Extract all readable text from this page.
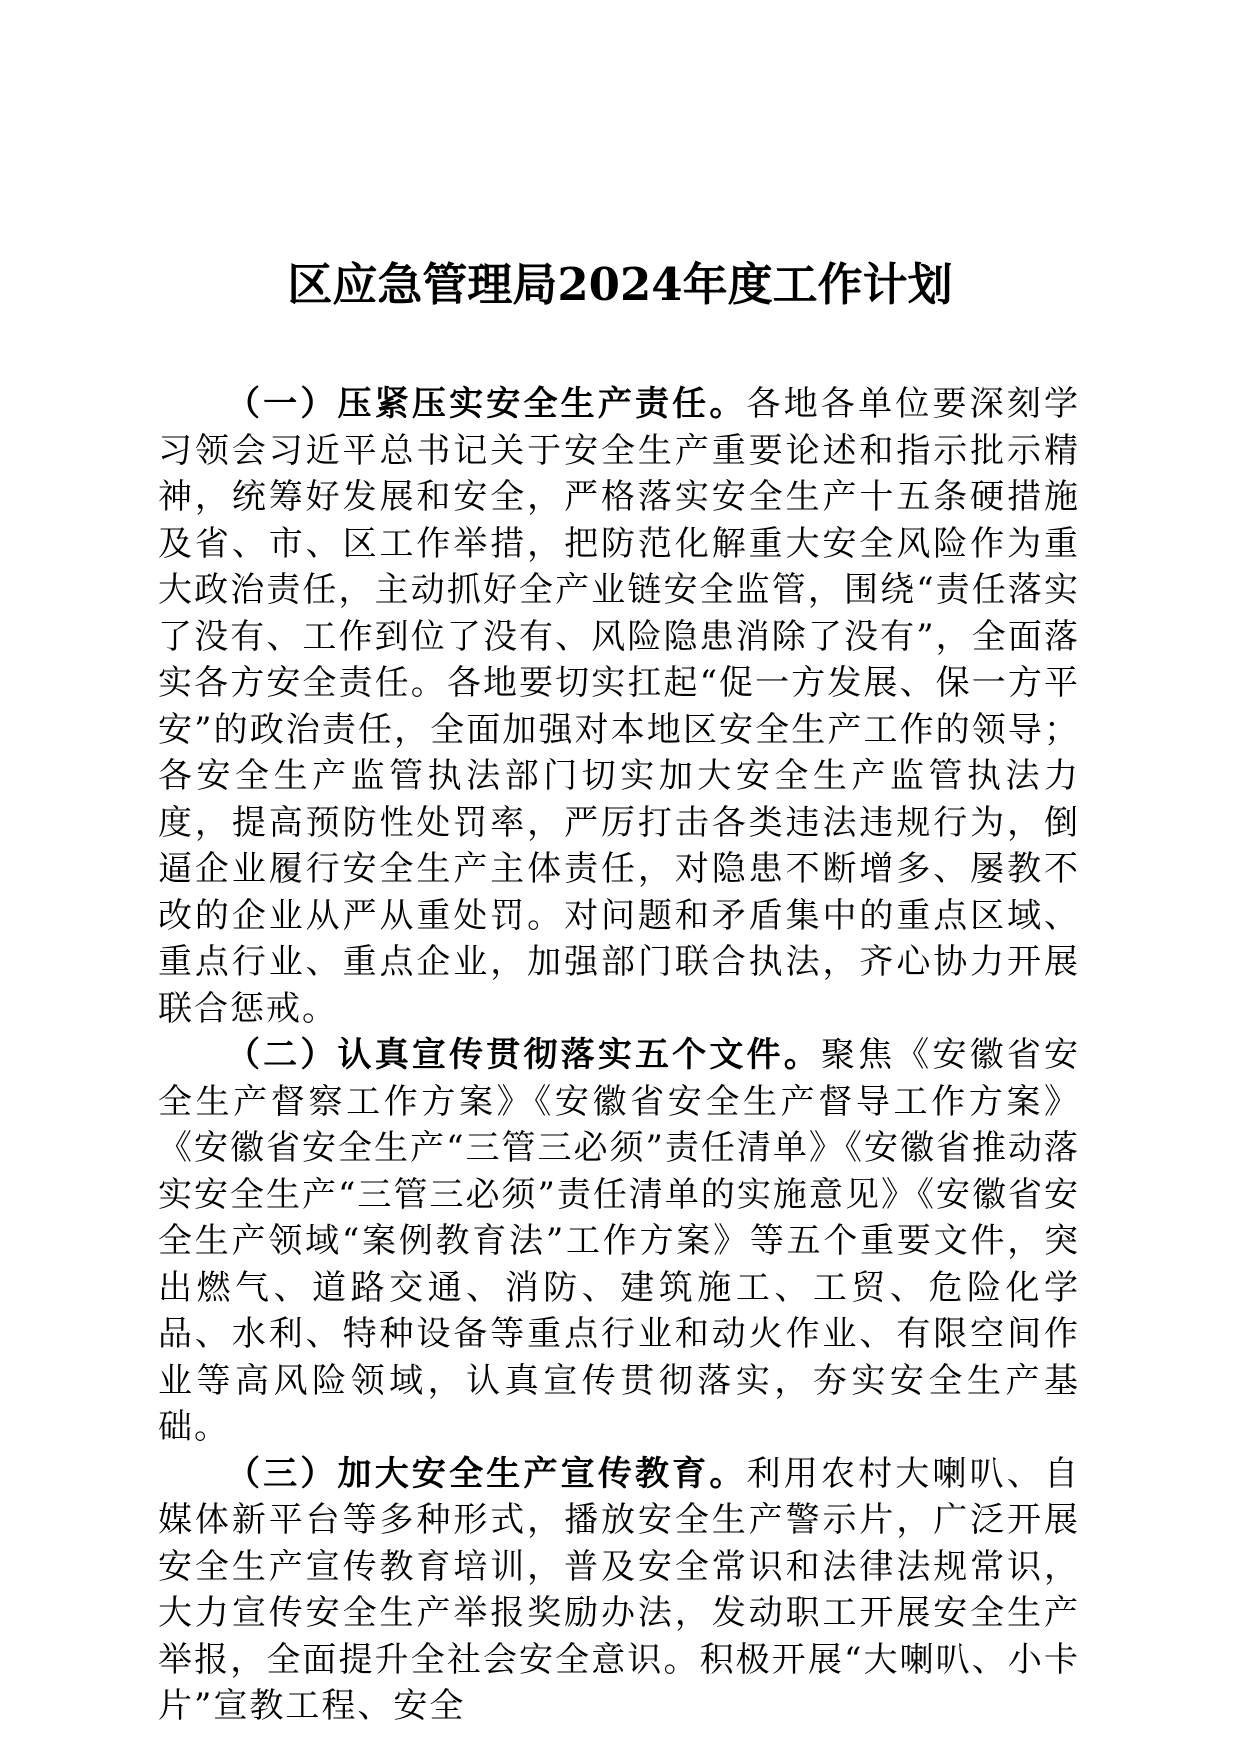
区应急管理局2024年度工作计划

（一）压紧压实安全生产责任。各地各单位要深刻学习领会习近平总书记关于安全生产重要论述和指示批示精神，统筹好发展和安全，严格落实安全生产十五条硬措施及省、市、区工作举措，把防范化解重大安全风险作为重大政治责任，主动抓好全产业链安全监管，围绕“责任落实了没有、工作到位了没有、风险隐患消除了没有”，全面落实各方安全责任。各地要切实扛起“促一方发展、保一方平安”的政治责任，全面加强对本地区安全生产工作的领导；各安全生产监管执法部门切实加大安全生产监管执法力度，提高预防性处罚率，严厉打击各类违法违规行为，倒逼企业履行安全生产主体责任，对隐患不断增多、屡教不改的企业从严从重处罚。对问题和矛盾集中的重点区域、重点行业、重点企业，加强部门联合执法，齐心协力开展联合惩戒。

（二）认真宣传贯彻落实五个文件。聚焦《安徽省安全生产督察工作方案》《安徽省安全生产督导工作方案》《安徽省安全生产“三管三必须”责任清单》《安徽省推动落实安全生产“三管三必须”责任清单的实施意见》《安徽省安全生产领域“案例教育法”工作方案》等五个重要文件，突出燃气、道路交通、消防、建筑施工、工贸、危险化学品、水利、特种设备等重点行业和动火作业、有限空间作业等高风险领域，认真宣传贯彻落实，夯实安全生产基础。

（三）加大安全生产宣传教育。利用农村大喇叭、自媒体新平台等多种形式，播放安全生产警示片，广泛开展安全生产宣传教育培训，普及安全常识和法律法规常识，大力宣传安全生产举报奖励办法，发动职工开展安全生产举报，全面提升全社会安全意识。积极开展“大喇叭、小卡片”宣教工程、安全
